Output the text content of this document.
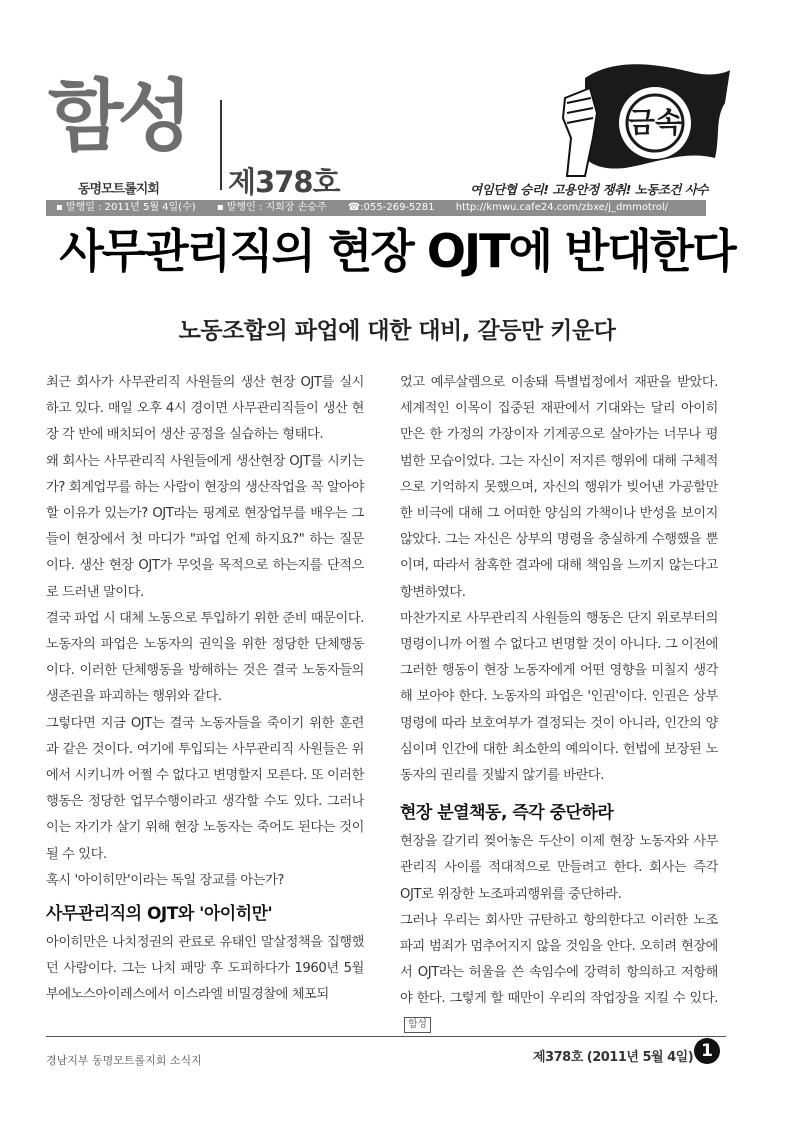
함성
동명모트롤지회 제378호
금속
여임단협 승리! 고용안정 쟁취! 노동조건 사수
▪ 발행일 : 2011년 5월 4일(수) ▪ 발행인 : 지회장 손승주 ☎:055-269-5281 http://kmwu.cafe24.com/zbxe/j_dmmotrol/
사무관리직의 현장 OJT에 반대한다
노동조합의 파업에 대한 대비, 갈등만 키운다

최근 회사가 사무관리직 사원들의 생산 현장 OJT를 실시하고 있다. 매일 오후 4시 경이면 사무관리직들이 생산 현장 각 반에 배치되어 생산 공정을 실습하는 형태다.

왜 회사는 사무관리직 사원들에게 생산현장 OJT를 시키는가? 회계업무를 하는 사람이 현장의 생산작업을 꼭 알아야 할 이유가 있는가? OJT라는 핑계로 현장업무를 배우는 그들이 현장에서 첫 마디가 "파업 언제 하지요?" 하는 질문이다. 생산 현장 OJT가 무엇을 목적으로 하는지를 단적으로 드러낸 말이다.

결국 파업 시 대체 노동으로 투입하기 위한 준비 때문이다. 노동자의 파업은 노동자의 권익을 위한 정당한 단체행동이다. 이러한 단체행동을 방해하는 것은 결국 노동자들의 생존권을 파괴하는 행위와 같다.

그렇다면 지금 OJT는 결국 노동자들을 죽이기 위한 훈련과 같은 것이다. 여기에 투입되는 사무관리직 사원들은 위에서 시키니까 어쩔 수 없다고 변명할지 모른다. 또 이러한 행동은 정당한 업무수행이라고 생각할 수도 있다. 그러나 이는 자기가 살기 위해 현장 노동자는 죽어도 된다는 것이 될 수 있다.

혹시 '아이히만'이라는 독일 장교를 아는가?

사무관리직의 OJT와 '아이히만'

아이히만은 나치정권의 관료로 유태인 말살정책을 집행했던 사람이다. 그는 나치 패망 후 도피하다가 1960년 5월 부에노스아이레스에서 이스라엘 비밀경찰에 체포되

었고 예루살렘으로 이송돼 특별법정에서 재판을 받았다. 세계적인 이목이 집중된 재판에서 기대와는 달리 아이히만은 한 가정의 가장이자 기계공으로 살아가는 너무나 평범한 모습이었다. 그는 자신이 저지른 행위에 대해 구체적으로 기억하지 못했으며, 자신의 행위가 빚어낸 가공할만한 비극에 대해 그 어떠한 양심의 가책이나 반성을 보이지 않았다. 그는 자신은 상부의 명령을 충실하게 수행했을 뿐이며, 따라서 참혹한 결과에 대해 책임을 느끼지 않는다고 항변하였다.

마찬가지로 사무관리직 사원들의 행동은 단지 위로부터의 명령이니까 어쩔 수 없다고 변명할 것이 아니다. 그 이전에 그러한 행동이 현장 노동자에게 어떤 영향을 미칠지 생각해 보아야 한다. 노동자의 파업은 '인권'이다. 인권은 상부 명령에 따라 보호여부가 결정되는 것이 아니라, 인간의 양심이며 인간에 대한 최소한의 예의이다. 헌법에 보장된 노동자의 권리를 짓밟지 않기를 바란다.

현장 분열책동, 즉각 중단하라

현장을 갈기리 찢어놓은 두산이 이제 현장 노동자와 사무관리직 사이를 적대적으로 만들려고 한다. 회사는 즉각 OJT로 위장한 노조파괴행위를 중단하라.

그러나 우리는 회사만 규탄하고 항의한다고 이러한 노조파괴 범죄가 멈추어지지 않을 것임을 안다. 오히려 현장에서 OJT라는 허울을 쓴 속임수에 강력히 항의하고 저항해야 한다. 그렇게 할 때만이 우리의 작업장을 지킬 수 있다.함성

경남지부 동명모트롤지회 소식지	제378호 (2011년 5월 4일) 1
